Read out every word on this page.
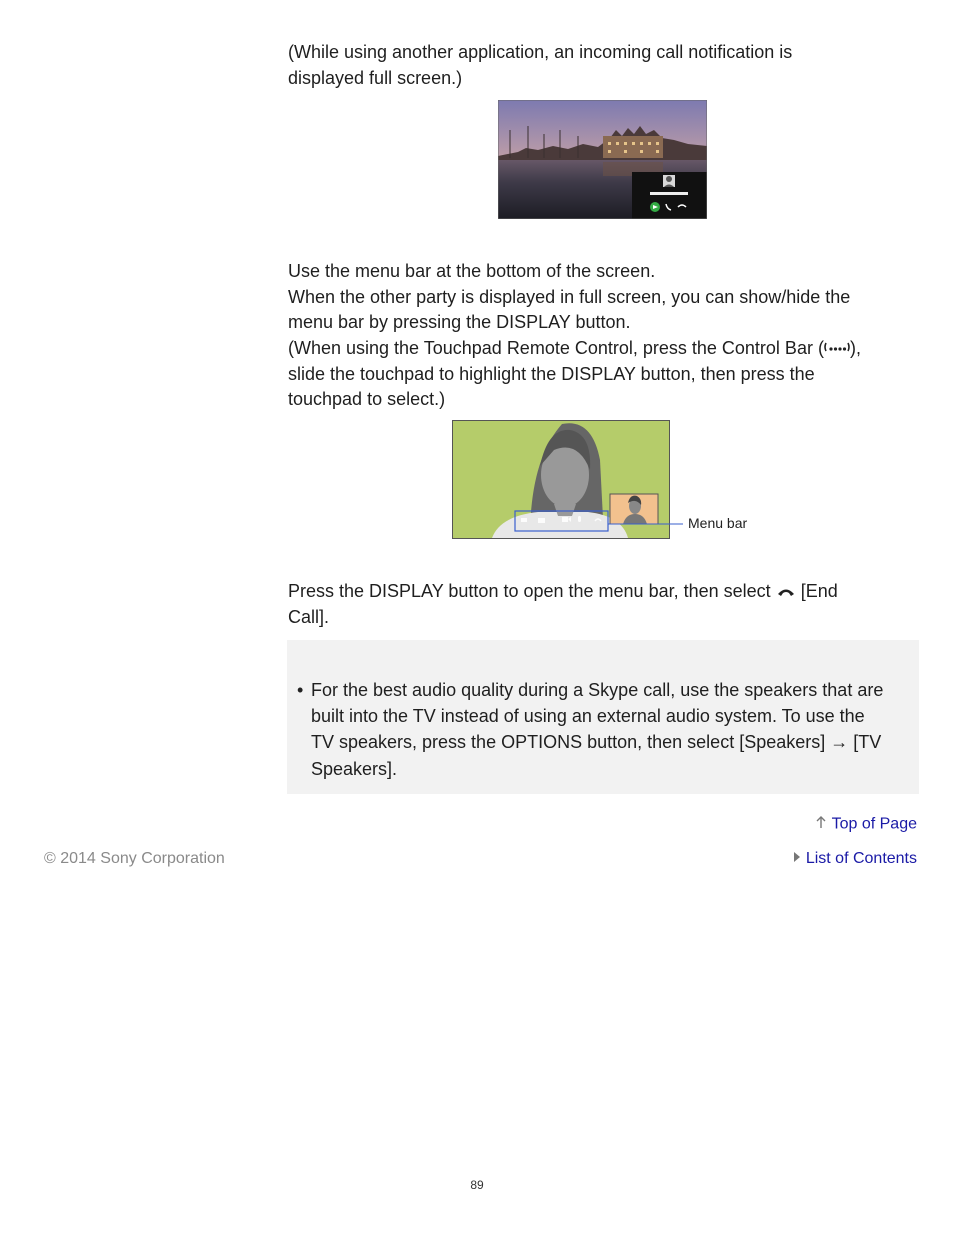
(While using another application, an incoming call notification is
displayed full screen.)
Use the menu bar at the bottom of the screen.
When the other party is displayed in full screen, you can show/hide the
menu bar by pressing the DISPLAY button.
(When using the Touchpad Remote Control, press the Control Bar ( ),
slide the touchpad to highlight the DISPLAY button, then press the
touchpad to select.)
Menu bar
Press the DISPLAY button to open the menu bar, then select [End
Call].
• For the best audio quality during a Skype call, use the speakers that are
built into the TV instead of using an external audio system. To use the
TV speakers, press the OPTIONS button, then select [Speakers] → [TV
Speakers].
Top of Page
© 2014 Sony Corporation	List of Contents
89
